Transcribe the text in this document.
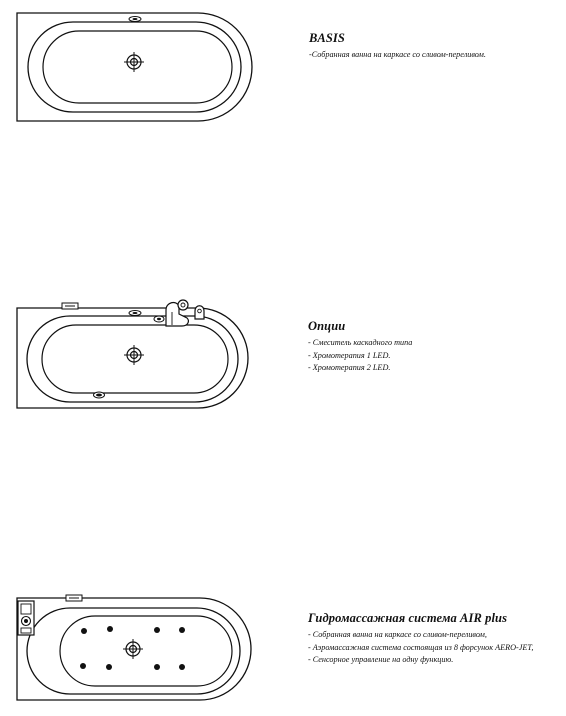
BASIS
-Собранная ванна на каркасе со сливом-переливом.
Опции
- Смеситель каскадного типа
- Хромотерапия 1 LED.
- Хромотерапия 2 LED.
Гидромассажная система AIR plus
- Собранная ванна на каркасе со сливом-переливом,
- Аэромассажная система состоящая из 8 форсунок AERO-JET,
- Сенсорное управление на одну функцию.
